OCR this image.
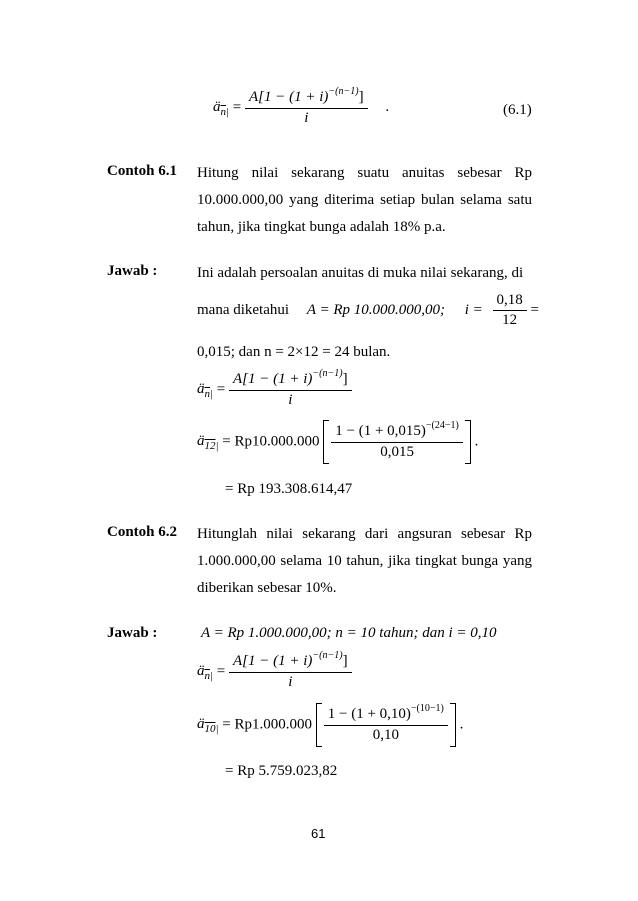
$ä_{\overline{n}|} = \frac{A[1 - (1 + i)^{-(n-1)}]}{i}$ .	(6.1)
Contoh 6.1 Hitung nilai sekarang suatu anuitas sebesar Rp 10.000.000,00 yang diterima setiap bulan selama satu tahun, jika tingkat bunga adalah 18% p.a.
Jawab :	Ini adalah persoalan anuitas di muka nilai sekarang, di
mana diketahui A = Rp 10.000.000,00; $i = \frac{0,18}{12}$ =
0,015; dan n = 2×12 = 24 bulan.
$ä_{\overline{n}|} = \frac{A[1 - (1 + i)^{-(n-1)}]}{i}$
$ä_{12|} = Rp10.000.000 \frac{1 - (1 + 0,015)^{-(24-1)}}{0,015}$ .
= Rp 193.308.614,47
Contoh 6.2 Hitunglah nilai sekarang dari angsuran sebesar Rp 1.000.000,00 selama 10 tahun, jika tingkat bunga yang diberikan sebesar 10%.
Jawab :	A = Rp 1.000.000,00; n = 10 tahun; dan i = 0,10
$ä_{\overline{n}|} = \frac{A[1 - (1 + i)^{-(n-1)}]}{i}$
$ä_{10|} = Rp1.000.000 \frac{1 - (1 + 0,10)^{-(10-1)}}{0,10}$ .
= Rp 5.759.023,82
61
